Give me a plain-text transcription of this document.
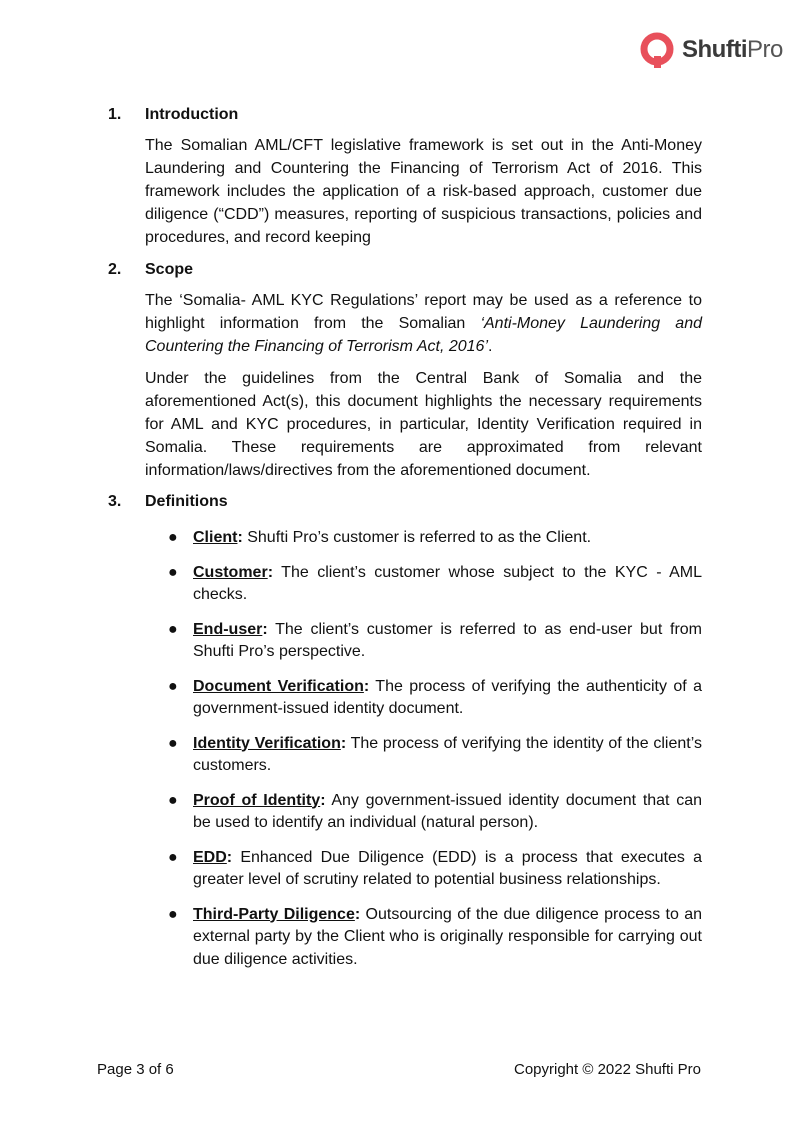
ShuftiPro
1. Introduction
The Somalian AML/CFT legislative framework is set out in the Anti-Money Laundering and Countering the Financing of Terrorism Act of 2016. This framework includes the application of a risk-based approach, customer due diligence (“CDD”) measures, reporting of suspicious transactions, policies and procedures, and record keeping
2. Scope
The ‘Somalia- AML KYC Regulations’ report may be used as a reference to highlight information from the Somalian ‘Anti-Money Laundering and Countering the Financing of Terrorism Act, 2016’.
Under the guidelines from the Central Bank of Somalia and the aforementioned Act(s), this document highlights the necessary requirements for AML and KYC procedures, in particular, Identity Verification required in Somalia. These requirements are approximated from relevant information/laws/directives from the aforementioned document.
3. Definitions
● Client: Shufti Pro’s customer is referred to as the Client.
● Customer: The client’s customer whose subject to the KYC - AML checks.
● End-user: The client’s customer is referred to as end-user but from Shufti Pro’s perspective.
● Document Verification: The process of verifying the authenticity of a government-issued identity document.
● Identity Verification: The process of verifying the identity of the client’s customers.
● Proof of Identity: Any government-issued identity document that can be used to identify an individual (natural person).
● EDD: Enhanced Due Diligence (EDD) is a process that executes a greater level of scrutiny related to potential business relationships.
● Third-Party Diligence: Outsourcing of the due diligence process to an external party by the Client who is originally responsible for carrying out due diligence activities.
Page 3 of 6	Copyright © 2022 Shufti Pro
